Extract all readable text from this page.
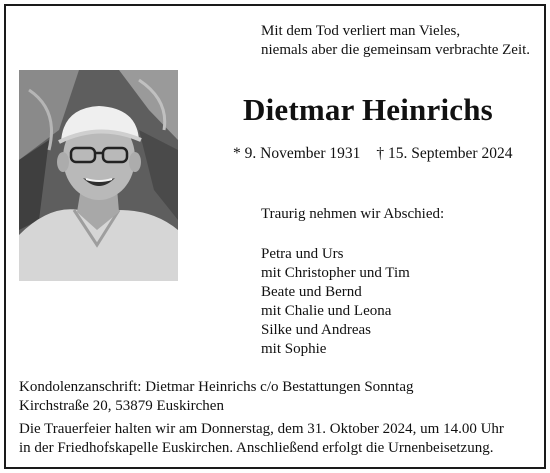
Mit dem Tod verliert man Vieles,
niemals aber die gemeinsam verbrachte Zeit.
Dietmar Heinrichs
* 9. November 1931 † 15. September 2024
Traurig nehmen wir Abschied:
Petra und Urs
mit Christopher und Tim
Beate und Bernd
mit Chalie und Leona
Silke und Andreas
mit Sophie
Kondolenzanschrift: Dietmar Heinrichs c/o Bestattungen Sonntag
Kirchstraße 20, 53879 Euskirchen
Die Trauerfeier halten wir am Donnerstag, dem 31. Oktober 2024, um 14.00 Uhr
in der Friedhofskapelle Euskirchen. Anschließend erfolgt die Urnenbeisetzung.
